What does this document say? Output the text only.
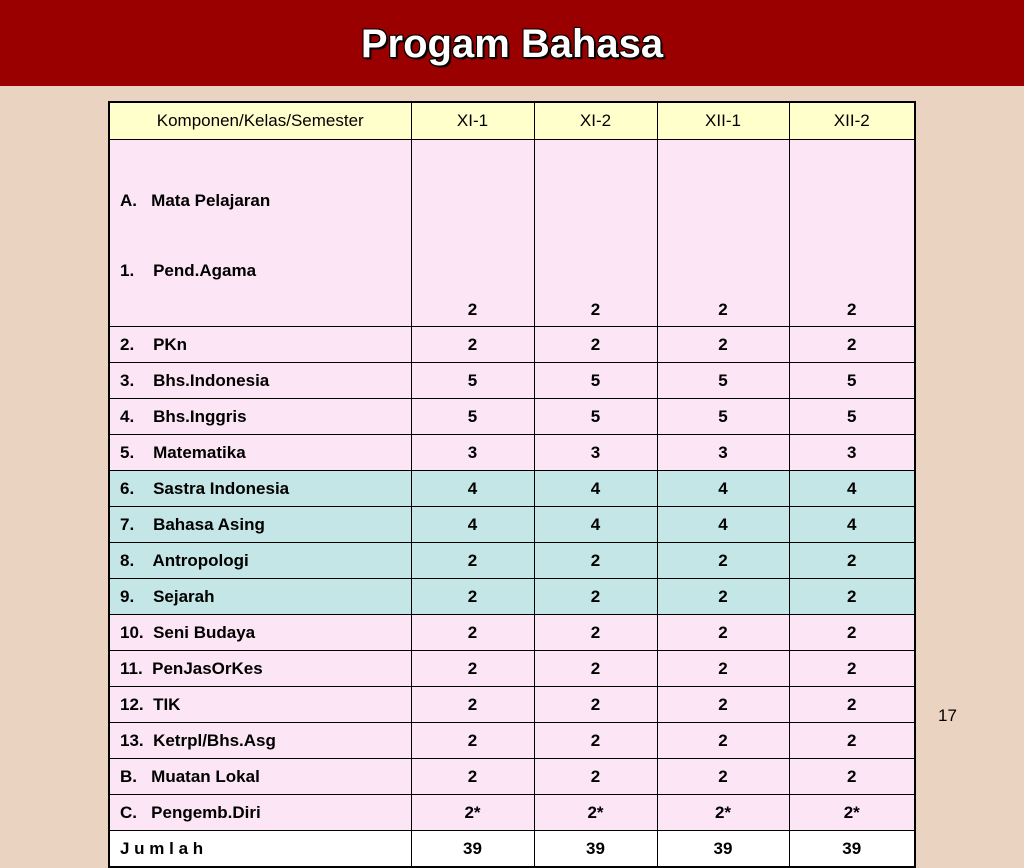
Progam Bahasa
Komponen/Kelas/Semester	XI-1	XI-2	XII-1	XII-2

A.   Mata Pelajaran

1.    Pend.Agama	2	2	2	2
2.    PKn	2	2	2	2
3.    Bhs.Indonesia	5	5	5	5
4.    Bhs.Inggris	5	5	5	5
5.    Matematika	3	3	3	3
6.    Sastra Indonesia	4	4	4	4
7.    Bahasa Asing	4	4	4	4
8.    Antropologi	2	2	2	2
9.    Sejarah	2	2	2	2
10.  Seni Budaya	2	2	2	2
11.  PenJasOrKes	2	2	2	2
12.  TIK	2	2	2	2
13.  Ketrpl/Bhs.Asg	2	2	2	2
B.   Muatan Lokal	2	2	2	2
C.   Pengemb.Diri	2*	2*	2*	2*
J u m l a h	39	39	39	39
17
